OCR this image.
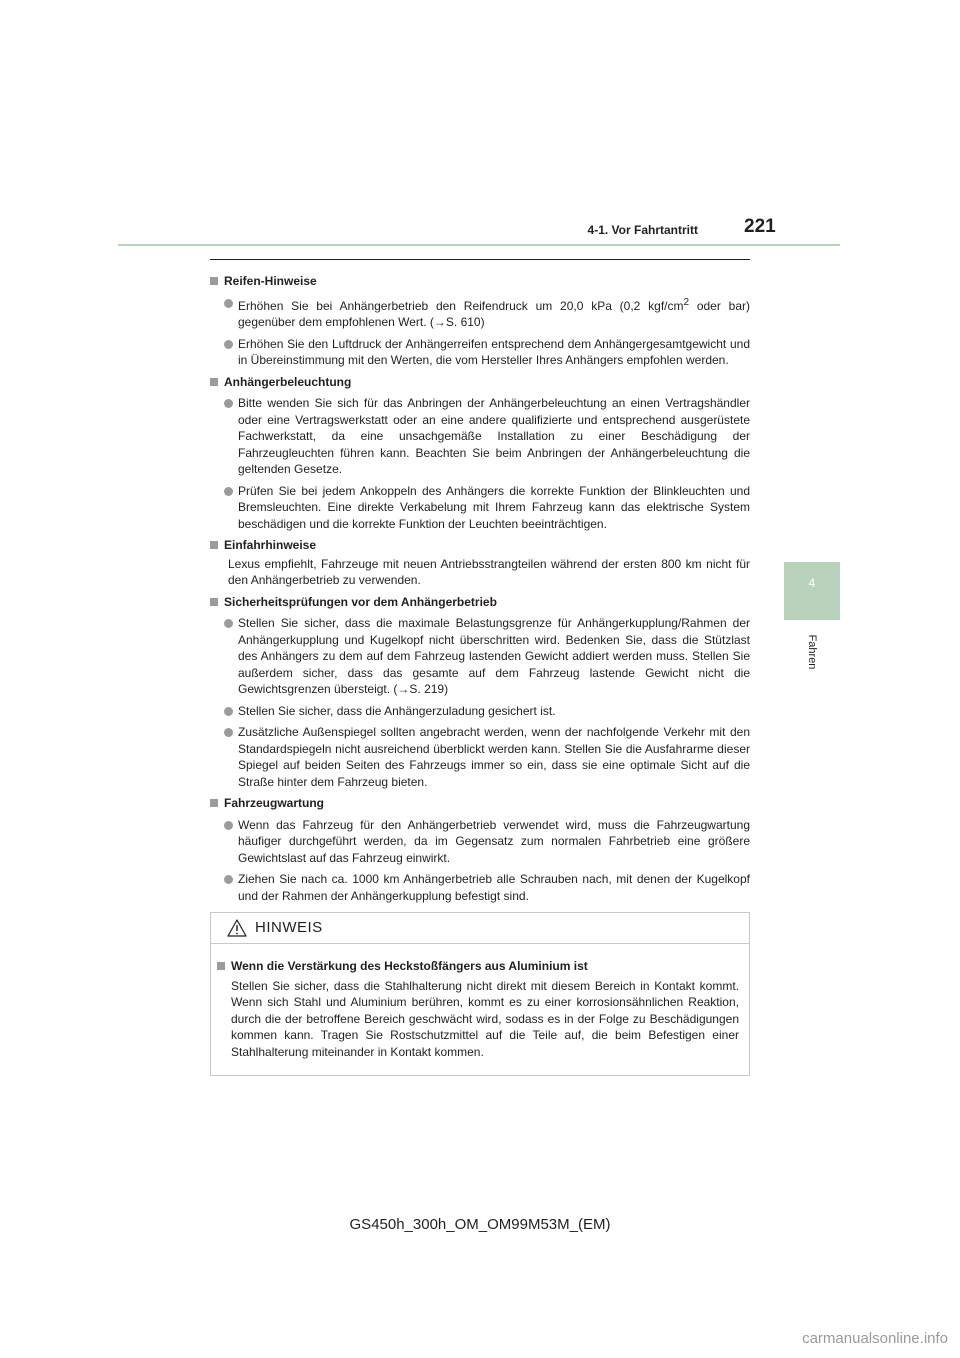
4-1. Vor Fahrtantritt 221
4
Fahren
Reifen-Hinweise
Erhöhen Sie bei Anhängerbetrieb den Reifendruck um 20,0 kPa (0,2 kgf/$cm^2$ oder bar) gegenüber dem empfohlenen Wert. (→S. 610)
Erhöhen Sie den Luftdruck der Anhängerreifen entsprechend dem Anhängergesamtgewicht und in Übereinstimmung mit den Werten, die vom Hersteller Ihres Anhängers empfohlen werden.
Anhängerbeleuchtung
Bitte wenden Sie sich für das Anbringen der Anhängerbeleuchtung an einen Vertragshändler oder eine Vertragswerkstatt oder an eine andere qualifizierte und entsprechend ausgerüstete Fachwerkstatt, da eine unsachgemäße Installation zu einer Beschädigung der Fahrzeugleuchten führen kann. Beachten Sie beim Anbringen der Anhängerbeleuchtung die geltenden Gesetze.
Prüfen Sie bei jedem Ankoppeln des Anhängers die korrekte Funktion der Blinkleuchten und Bremsleuchten. Eine direkte Verkabelung mit Ihrem Fahrzeug kann das elektrische System beschädigen und die korrekte Funktion der Leuchten beeinträchtigen.
Einfahrhinweise
Lexus empfiehlt, Fahrzeuge mit neuen Antriebsstrangteilen während der ersten 800 km nicht für den Anhängerbetrieb zu verwenden.
Sicherheitsprüfungen vor dem Anhängerbetrieb
Stellen Sie sicher, dass die maximale Belastungsgrenze für Anhängerkupplung/Rahmen der Anhängerkupplung und Kugelkopf nicht überschritten wird. Bedenken Sie, dass die Stützlast des Anhängers zu dem auf dem Fahrzeug lastenden Gewicht addiert werden muss. Stellen Sie außerdem sicher, dass das gesamte auf dem Fahrzeug lastende Gewicht nicht die Gewichtsgrenzen übersteigt. (→S. 219)
Stellen Sie sicher, dass die Anhängerzuladung gesichert ist.
Zusätzliche Außenspiegel sollten angebracht werden, wenn der nachfolgende Verkehr mit den Standardspiegeln nicht ausreichend überblickt werden kann. Stellen Sie die Ausfahrarme dieser Spiegel auf beiden Seiten des Fahrzeugs immer so ein, dass sie eine optimale Sicht auf die Straße hinter dem Fahrzeug bieten.
Fahrzeugwartung
Wenn das Fahrzeug für den Anhängerbetrieb verwendet wird, muss die Fahrzeugwartung häufiger durchgeführt werden, da im Gegensatz zum normalen Fahrbetrieb eine größere Gewichtslast auf das Fahrzeug einwirkt.
Ziehen Sie nach ca. 1000 km Anhängerbetrieb alle Schrauben nach, mit denen der Kugelkopf und der Rahmen der Anhängerkupplung befestigt sind.
HINWEIS
Wenn die Verstärkung des Heckstoßfängers aus Aluminium ist
Stellen Sie sicher, dass die Stahlhalterung nicht direkt mit diesem Bereich in Kontakt kommt. Wenn sich Stahl und Aluminium berühren, kommt es zu einer korrosionsähnlichen Reaktion, durch die der betroffene Bereich geschwächt wird, sodass es in der Folge zu Beschädigungen kommen kann. Tragen Sie Rostschutzmittel auf die Teile auf, die beim Befestigen einer Stahlhalterung miteinander in Kontakt kommen.
GS450h_300h_OM_OM99M53M_(EM)
carmanualsonline.info
